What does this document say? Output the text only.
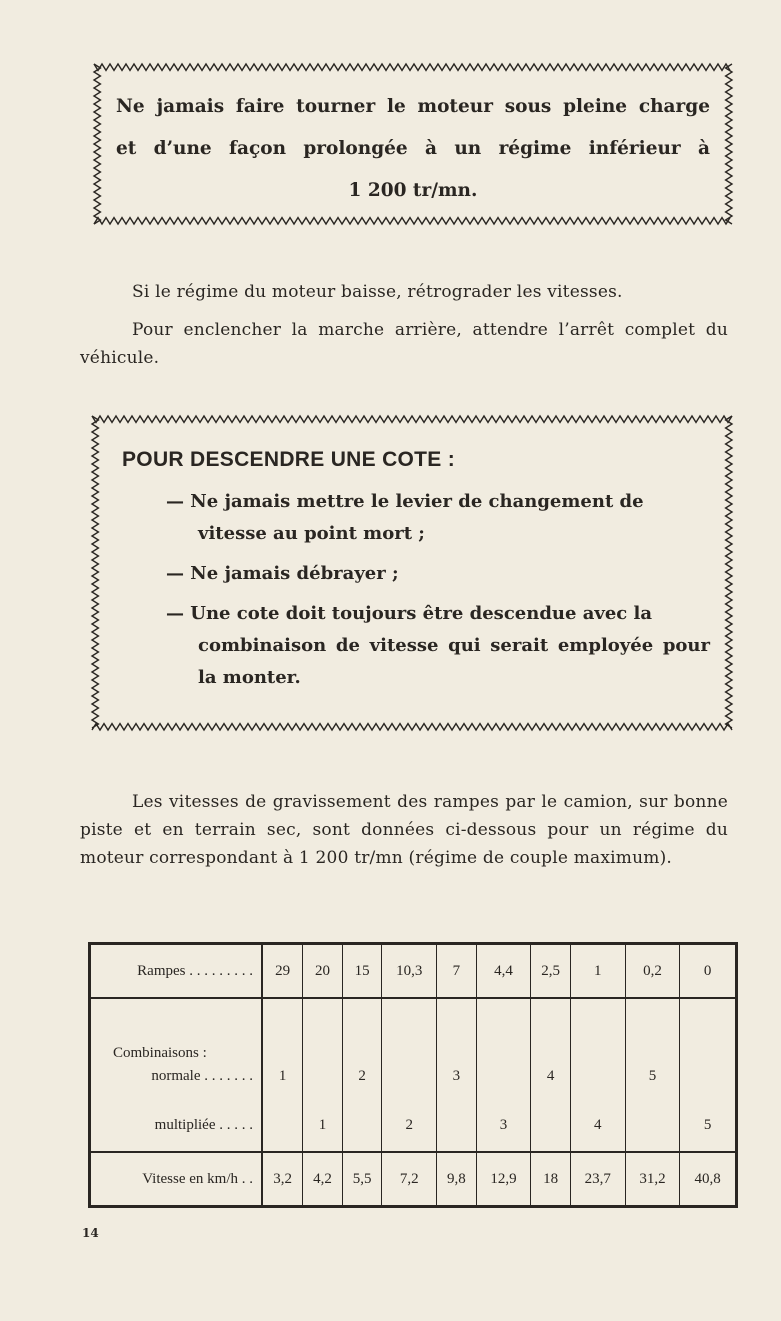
Ne jamais faire tourner le moteur sous pleine charge
et d’une façon prolongée à un régime inférieur à
1 200 tr/mn.
Si le régime du moteur baisse, rétrograder les vitesses.
Pour enclencher la marche arrière, attendre l’arrêt complet du véhicule.
POUR DESCENDRE UNE COTE :
— Ne jamais mettre le levier de changement de
vitesse au point mort ;
— Ne jamais débrayer ;
— Une cote doit toujours être descendue avec la
combinaison de vitesse qui serait employée pour la monter.
Les vitesses de gravissement des rampes par le camion, sur bonne piste et en terrain sec, sont données ci-dessous pour un régime du moteur correspondant à 1 200 tr/mn (régime de couple maximum).
Rampes . . . . . . . . .	29	20	15	10,3	7	4,4	2,5	1	0,2	0

Combinaisons :
normale . . . . . . .	1		2		3		4		5	
multipliée . . . . .		1		2		3		4		5
Vitesse en km/h . .	3,2	4,2	5,5	7,2	9,8	12,9	18	23,7	31,2	40,8
14
